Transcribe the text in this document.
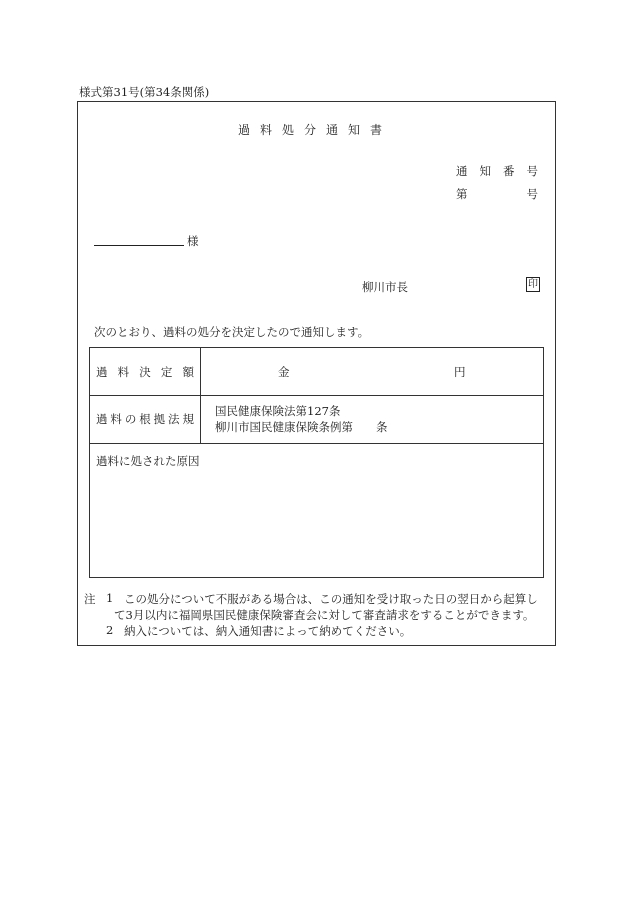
様式第31号(第34条関係)
過料処分通知書
通 知 番 号
第	号
様
柳川市長	印
次のとおり、過料の処分を決定したので通知します。
過 料 決 定 額	金	円
過 料 の 根 拠 法 規
国民健康保険法第127条
柳川市国民健康保険条例第　　条
過料に処された原因
注 1 この処分について不服がある場合は、この通知を受け取った日の翌日から起算し
て3月以内に福岡県国民健康保険審査会に対して審査請求をすることができます。
2 納入については、納入通知書によって納めてください。
